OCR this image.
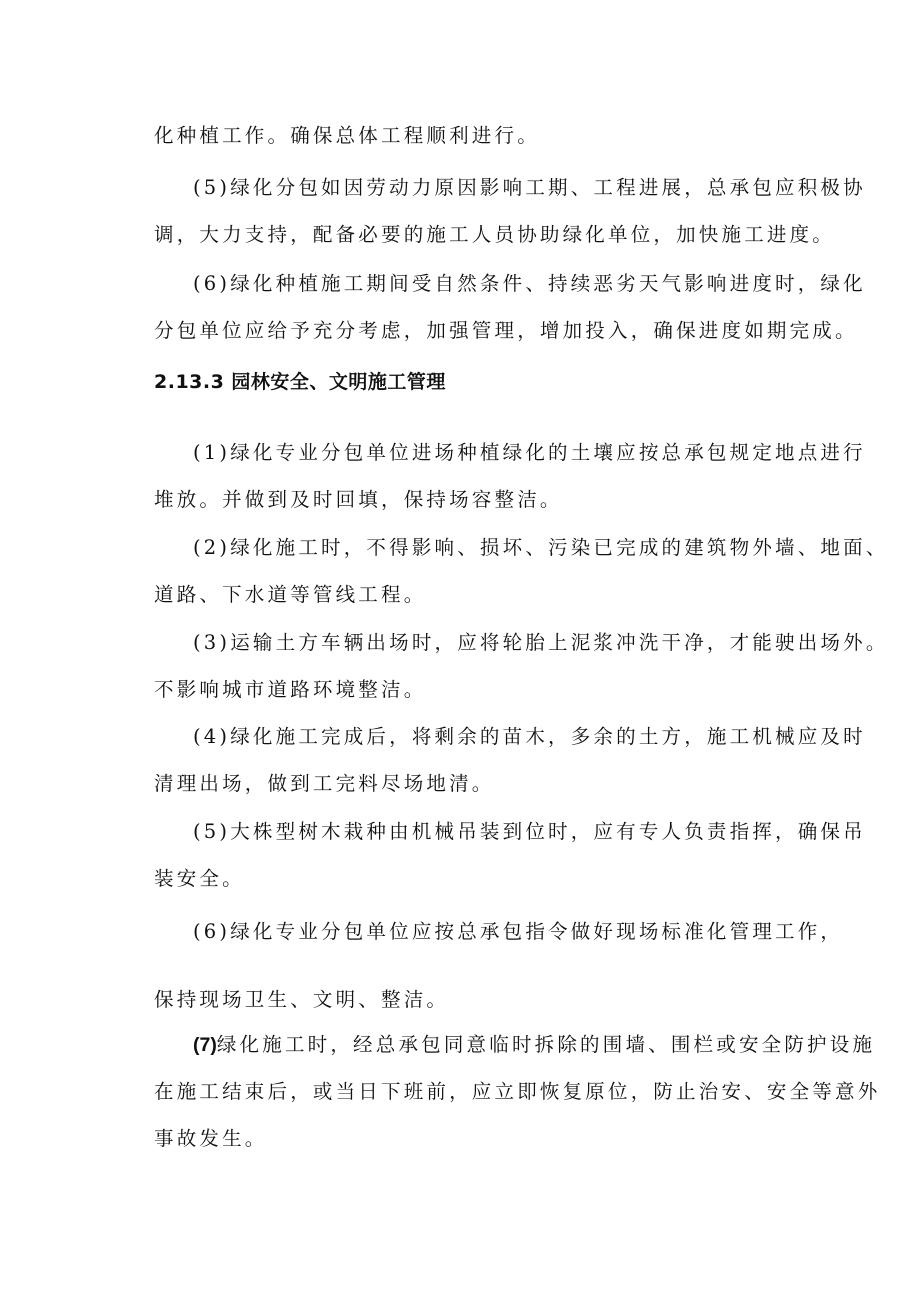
化种植工作。确保总体工程顺利进行。
(5)绿化分包如因劳动力原因影响工期、工程进展，总承包应积极协
调，大力支持，配备必要的施工人员协助绿化单位，加快施工进度。
(6)绿化种植施工期间受自然条件、持续恶劣天气影响进度时，绿化
分包单位应给予充分考虑，加强管理，增加投入，确保进度如期完成。
2.13.3 园林安全、文明施工管理
(1)绿化专业分包单位进场种植绿化的土壤应按总承包规定地点进行
堆放。并做到及时回填，保持场容整洁。
(2)绿化施工时，不得影响、损坏、污染已完成的建筑物外墙、地面、
道路、下水道等管线工程。
(3)运输土方车辆出场时，应将轮胎上泥浆冲洗干净，才能驶出场外。
不影响城市道路环境整洁。
(4)绿化施工完成后，将剩余的苗木，多余的土方，施工机械应及时
清理出场，做到工完料尽场地清。
(5)大株型树木栽种由机械吊装到位时，应有专人负责指挥，确保吊
装安全。
(6)绿化专业分包单位应按总承包指令做好现场标准化管理工作，
保持现场卫生、文明、整洁。
(7)绿化施工时，经总承包同意临时拆除的围墙、围栏或安全防护设施
在施工结束后，或当日下班前，应立即恢复原位，防止治安、安全等意外
事故发生。
